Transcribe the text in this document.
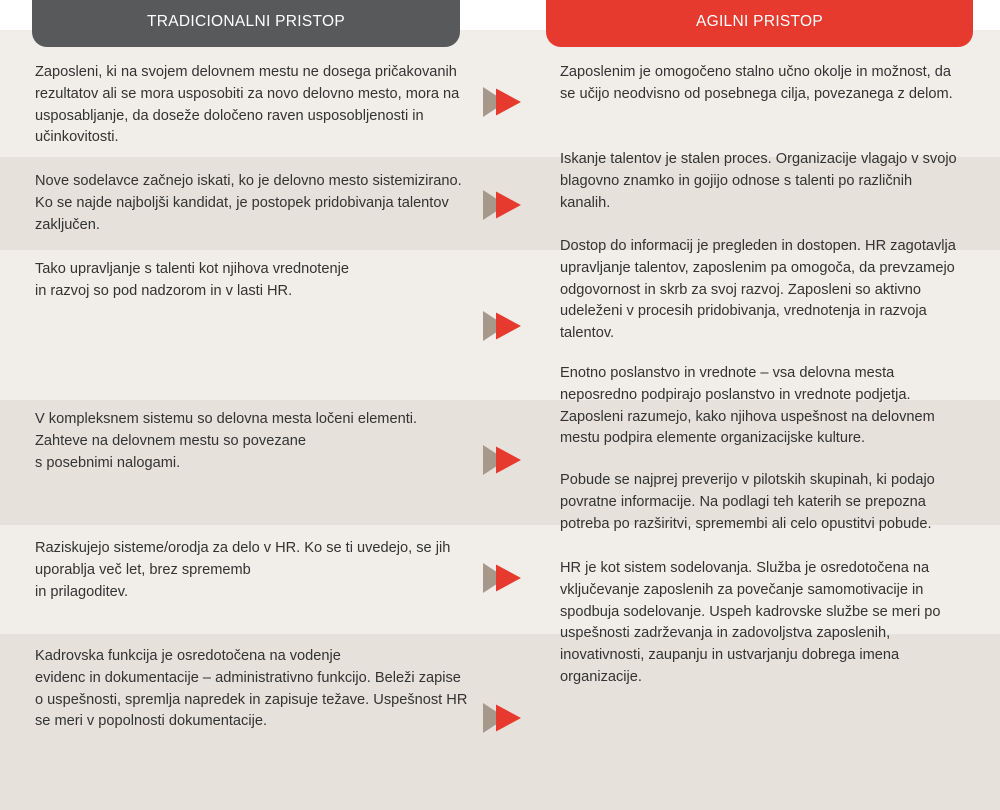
TRADICIONALNI PRISTOP	AGILNI PRISTOP

Zaposleni, ki na svojem delovnem mestu ne dosega pričakovanih
rezultatov ali se mora usposobiti za novo delovno mesto, mora na
usposabljanje, da doseže določeno raven usposobljenosti in
učinkovitosti.

Nove sodelavce začnejo iskati, ko je delovno mesto sistemizirano.
Ko se najde najboljši kandidat, je postopek pridobivanja talentov
zaključen.

Tako upravljanje s talenti kot njihova vrednotenje
in razvoj so pod nadzorom in v lasti HR.

V kompleksnem sistemu so delovna mesta ločeni elementi.
Zahteve na delovnem mestu so povezane
s posebnimi nalogami.

Raziskujejo sisteme/orodja za delo v HR. Ko se ti uvedejo, se jih
uporablja več let, brez sprememb
in prilagoditev.

Kadrovska funkcija je osredotočena na vodenje
evidenc in dokumentacije – administrativno funkcijo. Beleži zapise
o uspešnosti, spremlja napredek in zapisuje težave. Uspešnost HR
se meri v popolnosti dokumentacije.

Zaposlenim je omogočeno stalno učno okolje in možnost, da
se učijo neodvisno od posebnega cilja, povezanega z delom.

Iskanje talentov je stalen proces. Organizacije vlagajo v svojo
blagovno znamko in gojijo odnose s talenti po različnih
kanalih.

Dostop do informacij je pregleden in dostopen. HR zagotavlja
upravljanje talentov, zaposlenim pa omogoča, da prevzamejo
odgovornost in skrb za svoj razvoj. Zaposleni so aktivno
udeleženi v procesih pridobivanja, vrednotenja in razvoja
talentov.

Enotno poslanstvo in vrednote – vsa delovna mesta
neposredno podpirajo poslanstvo in vrednote podjetja.
Zaposleni razumejo, kako njihova uspešnost na delovnem
mestu podpira elemente organizacijske kulture.

Pobude se najprej preverijo v pilotskih skupinah, ki podajo
povratne informacije. Na podlagi teh katerih se prepozna
potreba po razširitvi, spremembi ali celo opustitvi pobude.

HR je kot sistem sodelovanja. Služba je osredotočena na
vključevanje zaposlenih za povečanje samomotivacije in
spodbuja sodelovanje. Uspeh kadrovske službe se meri po
uspešnosti zadrževanja in zadovoljstva zaposlenih,
inovativnosti, zaupanju in ustvarjanju dobrega imena
organizacije.
